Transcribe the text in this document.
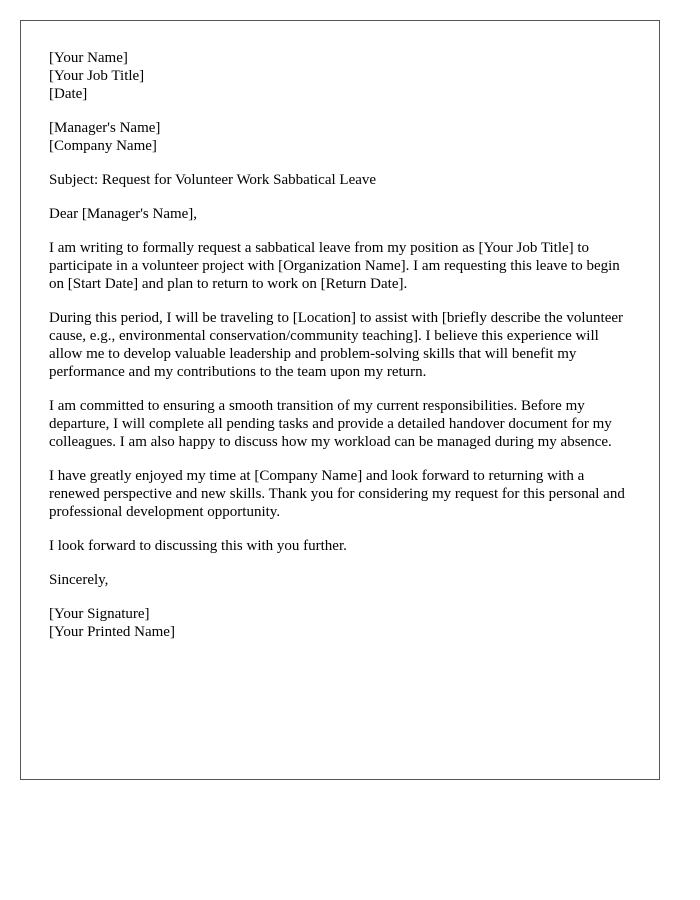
[Your Name]
[Your Job Title]
[Date]
[Manager's Name]
[Company Name]

Subject: Request for Volunteer Work Sabbatical Leave

Dear [Manager's Name],

I am writing to formally request a sabbatical leave from my position as [Your Job Title] to participate in a volunteer project with [Organization Name]. I am requesting this leave to begin on [Start Date] and plan to return to work on [Return Date].

During this period, I will be traveling to [Location] to assist with [briefly describe the volunteer cause, e.g., environmental conservation/community teaching]. I believe this experience will allow me to develop valuable leadership and problem-solving skills that will benefit my performance and my contributions to the team upon my return.

I am committed to ensuring a smooth transition of my current responsibilities. Before my departure, I will complete all pending tasks and provide a detailed handover document for my colleagues. I am also happy to discuss how my workload can be managed during my absence.

I have greatly enjoyed my time at [Company Name] and look forward to returning with a renewed perspective and new skills. Thank you for considering my request for this personal and professional development opportunity.

I look forward to discussing this with you further.

Sincerely,

[Your Signature]
[Your Printed Name]
